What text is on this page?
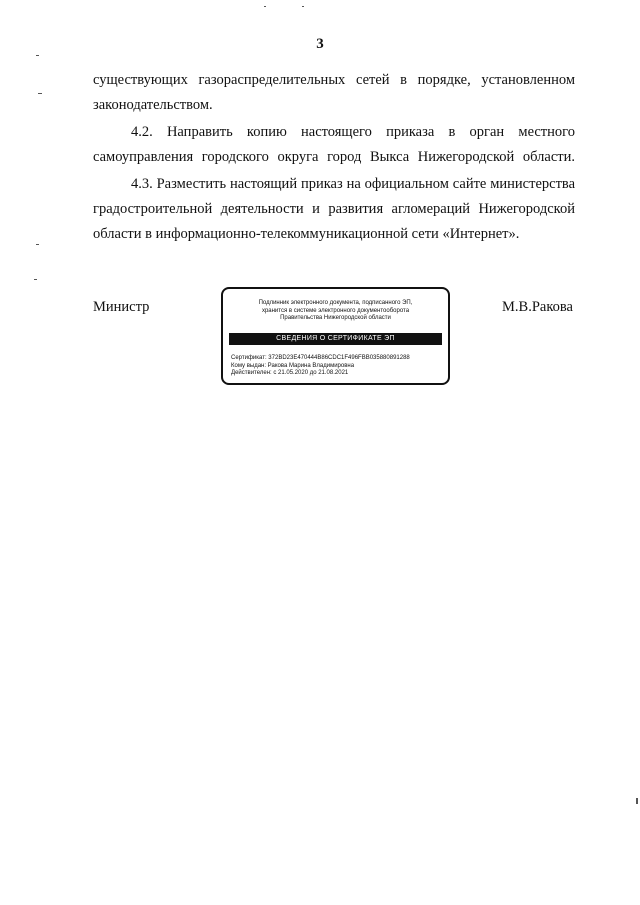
3
существующих газораспределительных сетей в порядке, установленном
законодательством.
4.2. Направить копию настоящего приказа в орган местного
самоуправления городского округа город Выкса Нижегородской области.
4.3. Разместить настоящий приказ на официальном сайте министерства
градостроительной деятельности и развития агломераций Нижегородской
области в информационно-телекоммуникационной сети «Интернет».
Министр	М.В.Ракова
Подлинник электронного документа, подписанного ЭП,
хранится в системе электронного документооборота
Правительства Нижегородской области
СВЕДЕНИЯ О СЕРТИФИКАТЕ ЭП
Сертификат: 372BD23E470444B86CDC1F496FBB035880891288
Кому выдан: Ракова Марина Владимировна
Действителен: с 21.05.2020 до 21.08.2021
